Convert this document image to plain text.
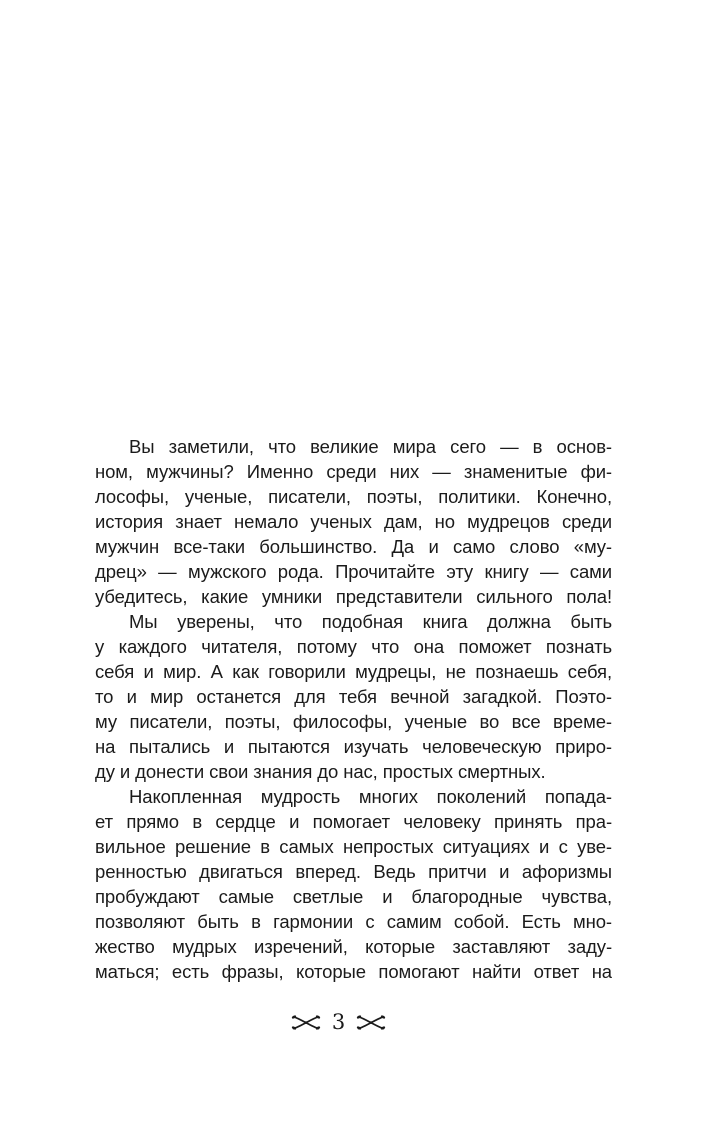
Вы заметили, что великие мира сего — в основ-
ном, мужчины? Именно среди них — знаменитые фи-
лософы, ученые, писатели, поэты, политики. Конечно,
история знает немало ученых дам, но мудрецов среди
мужчин все-таки большинство. Да и само слово «му-
дрец» — мужского рода. Прочитайте эту книгу — сами
убедитесь, какие умники представители сильного пола!
Мы уверены, что подобная книга должна быть
у каждого читателя, потому что она поможет познать
себя и мир. А как говорили мудрецы, не познаешь себя,
то и мир останется для тебя вечной загадкой. Поэто-
му писатели, поэты, философы, ученые во все време-
на пытались и пытаются изучать человеческую приро-
ду и донести свои знания до нас, простых смертных.
Накопленная мудрость многих поколений попада-
ет прямо в сердце и помогает человеку принять пра-
вильное решение в самых непростых ситуациях и с уве-
ренностью двигаться вперед. Ведь притчи и афоризмы
пробуждают самые светлые и благородные чувства,
позволяют быть в гармонии с самим собой. Есть мно-
жество мудрых изречений, которые заставляют заду-
маться; есть фразы, которые помогают найти ответ на
3
